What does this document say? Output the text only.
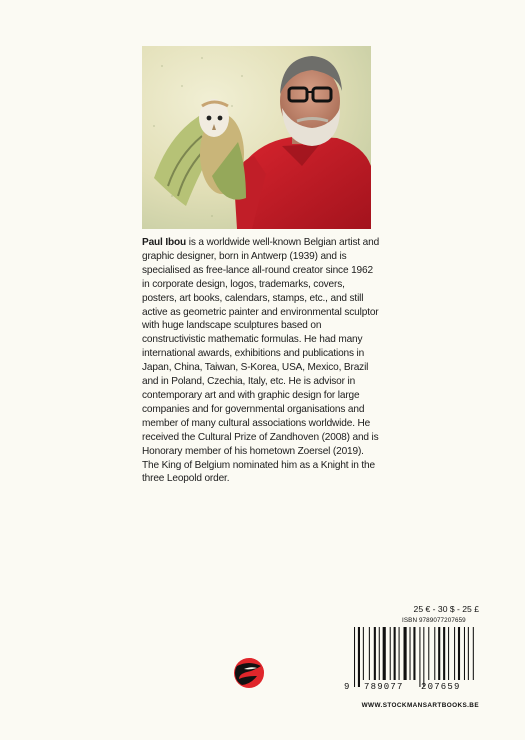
Paul Ibou is a worldwide well-known Belgian artist and graphic designer, born in Antwerp (1939) and is specialised as free-lance all-round creator since 1962 in corporate design, logos, trademarks, covers, posters, art books, calendars, stamps, etc., and still active as geometric painter and environmental sculptor with huge landscape sculptures based on constructivistic mathematic formulas. He had many international awards, exhibitions and publications in Japan, China, Taiwan, S-Korea, USA, Mexico, Brazil and in Poland, Czechia, Italy, etc. He is advisor in contemporary art and with graphic design for large companies and for governmental organisations and member of many cultural associations worldwide. He received the Cultural Prize of Zandhoven (2008) and is Honorary member of his hometown Zoersel (2019). The King of Belgium nominated him as a Knight in the three Leopold order.

25 € - 30 $ - 25 £
ISBN 9789077207659
9 789077 207659
WWW.STOCKMANSARTBOOKS.BE
